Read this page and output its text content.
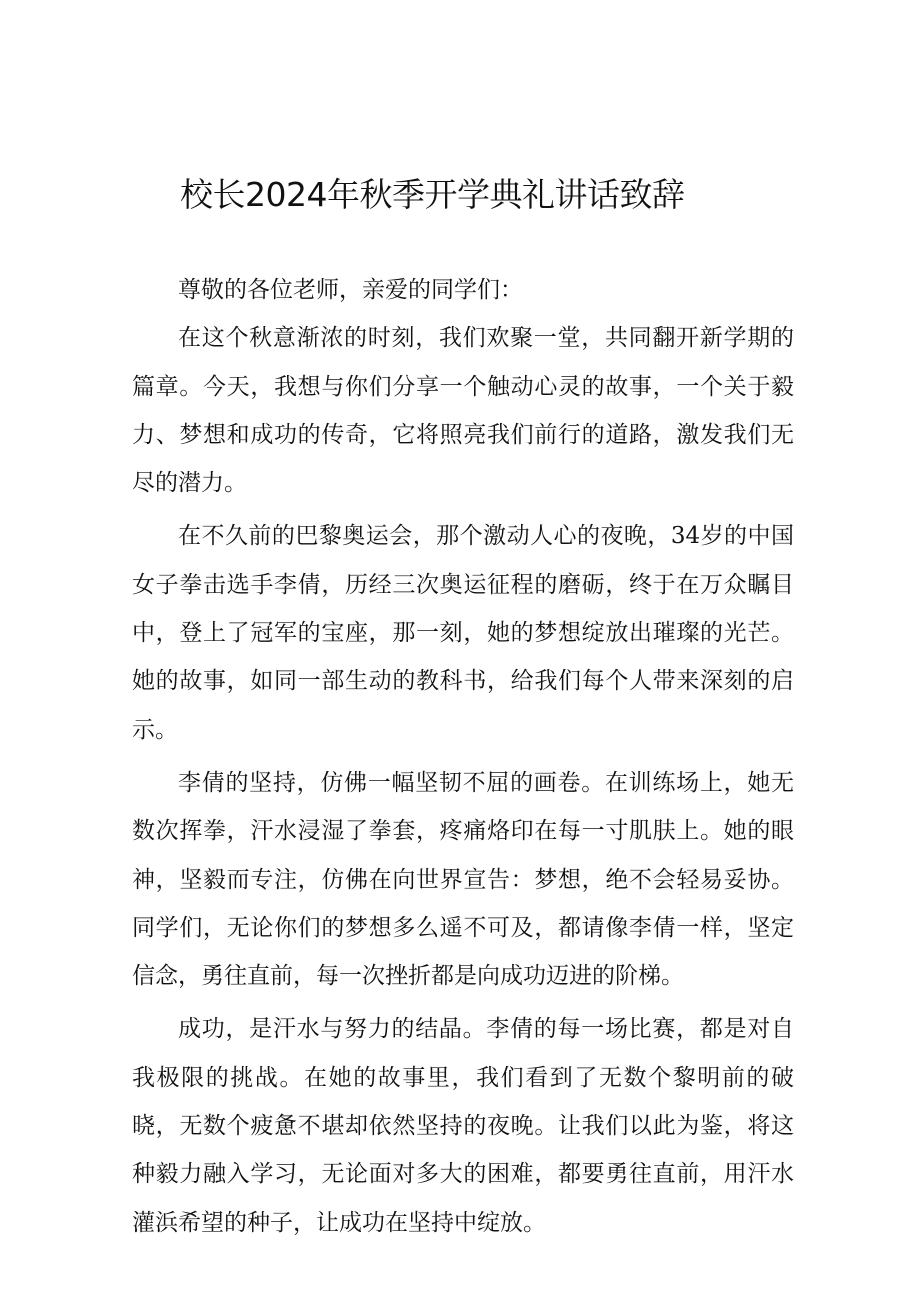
校长2024年秋季开学典礼讲话致辞

尊敬的各位老师，亲爱的同学们：

在这个秋意渐浓的时刻，我们欢聚一堂，共同翻开新学期的篇章。今天，我想与你们分享一个触动心灵的故事，一个关于毅力、梦想和成功的传奇，它将照亮我们前行的道路，激发我们无尽的潜力。

在不久前的巴黎奥运会，那个激动人心的夜晚，34岁的中国女子拳击选手李倩，历经三次奥运征程的磨砺，终于在万众瞩目中，登上了冠军的宝座，那一刻，她的梦想绽放出璀璨的光芒。她的故事，如同一部生动的教科书，给我们每个人带来深刻的启示。

李倩的坚持，仿佛一幅坚韧不屈的画卷。在训练场上，她无数次挥拳，汗水浸湿了拳套，疼痛烙印在每一寸肌肤上。她的眼神，坚毅而专注，仿佛在向世界宣告：梦想，绝不会轻易妥协。同学们，无论你们的梦想多么遥不可及，都请像李倩一样，坚定信念，勇往直前，每一次挫折都是向成功迈进的阶梯。

成功，是汗水与努力的结晶。李倩的每一场比赛，都是对自我极限的挑战。在她的故事里，我们看到了无数个黎明前的破晓，无数个疲惫不堪却依然坚持的夜晚。让我们以此为鉴，将这种毅力融入学习，无论面对多大的困难，都要勇往直前，用汗水灌浜希望的种子，让成功在坚持中绽放。
